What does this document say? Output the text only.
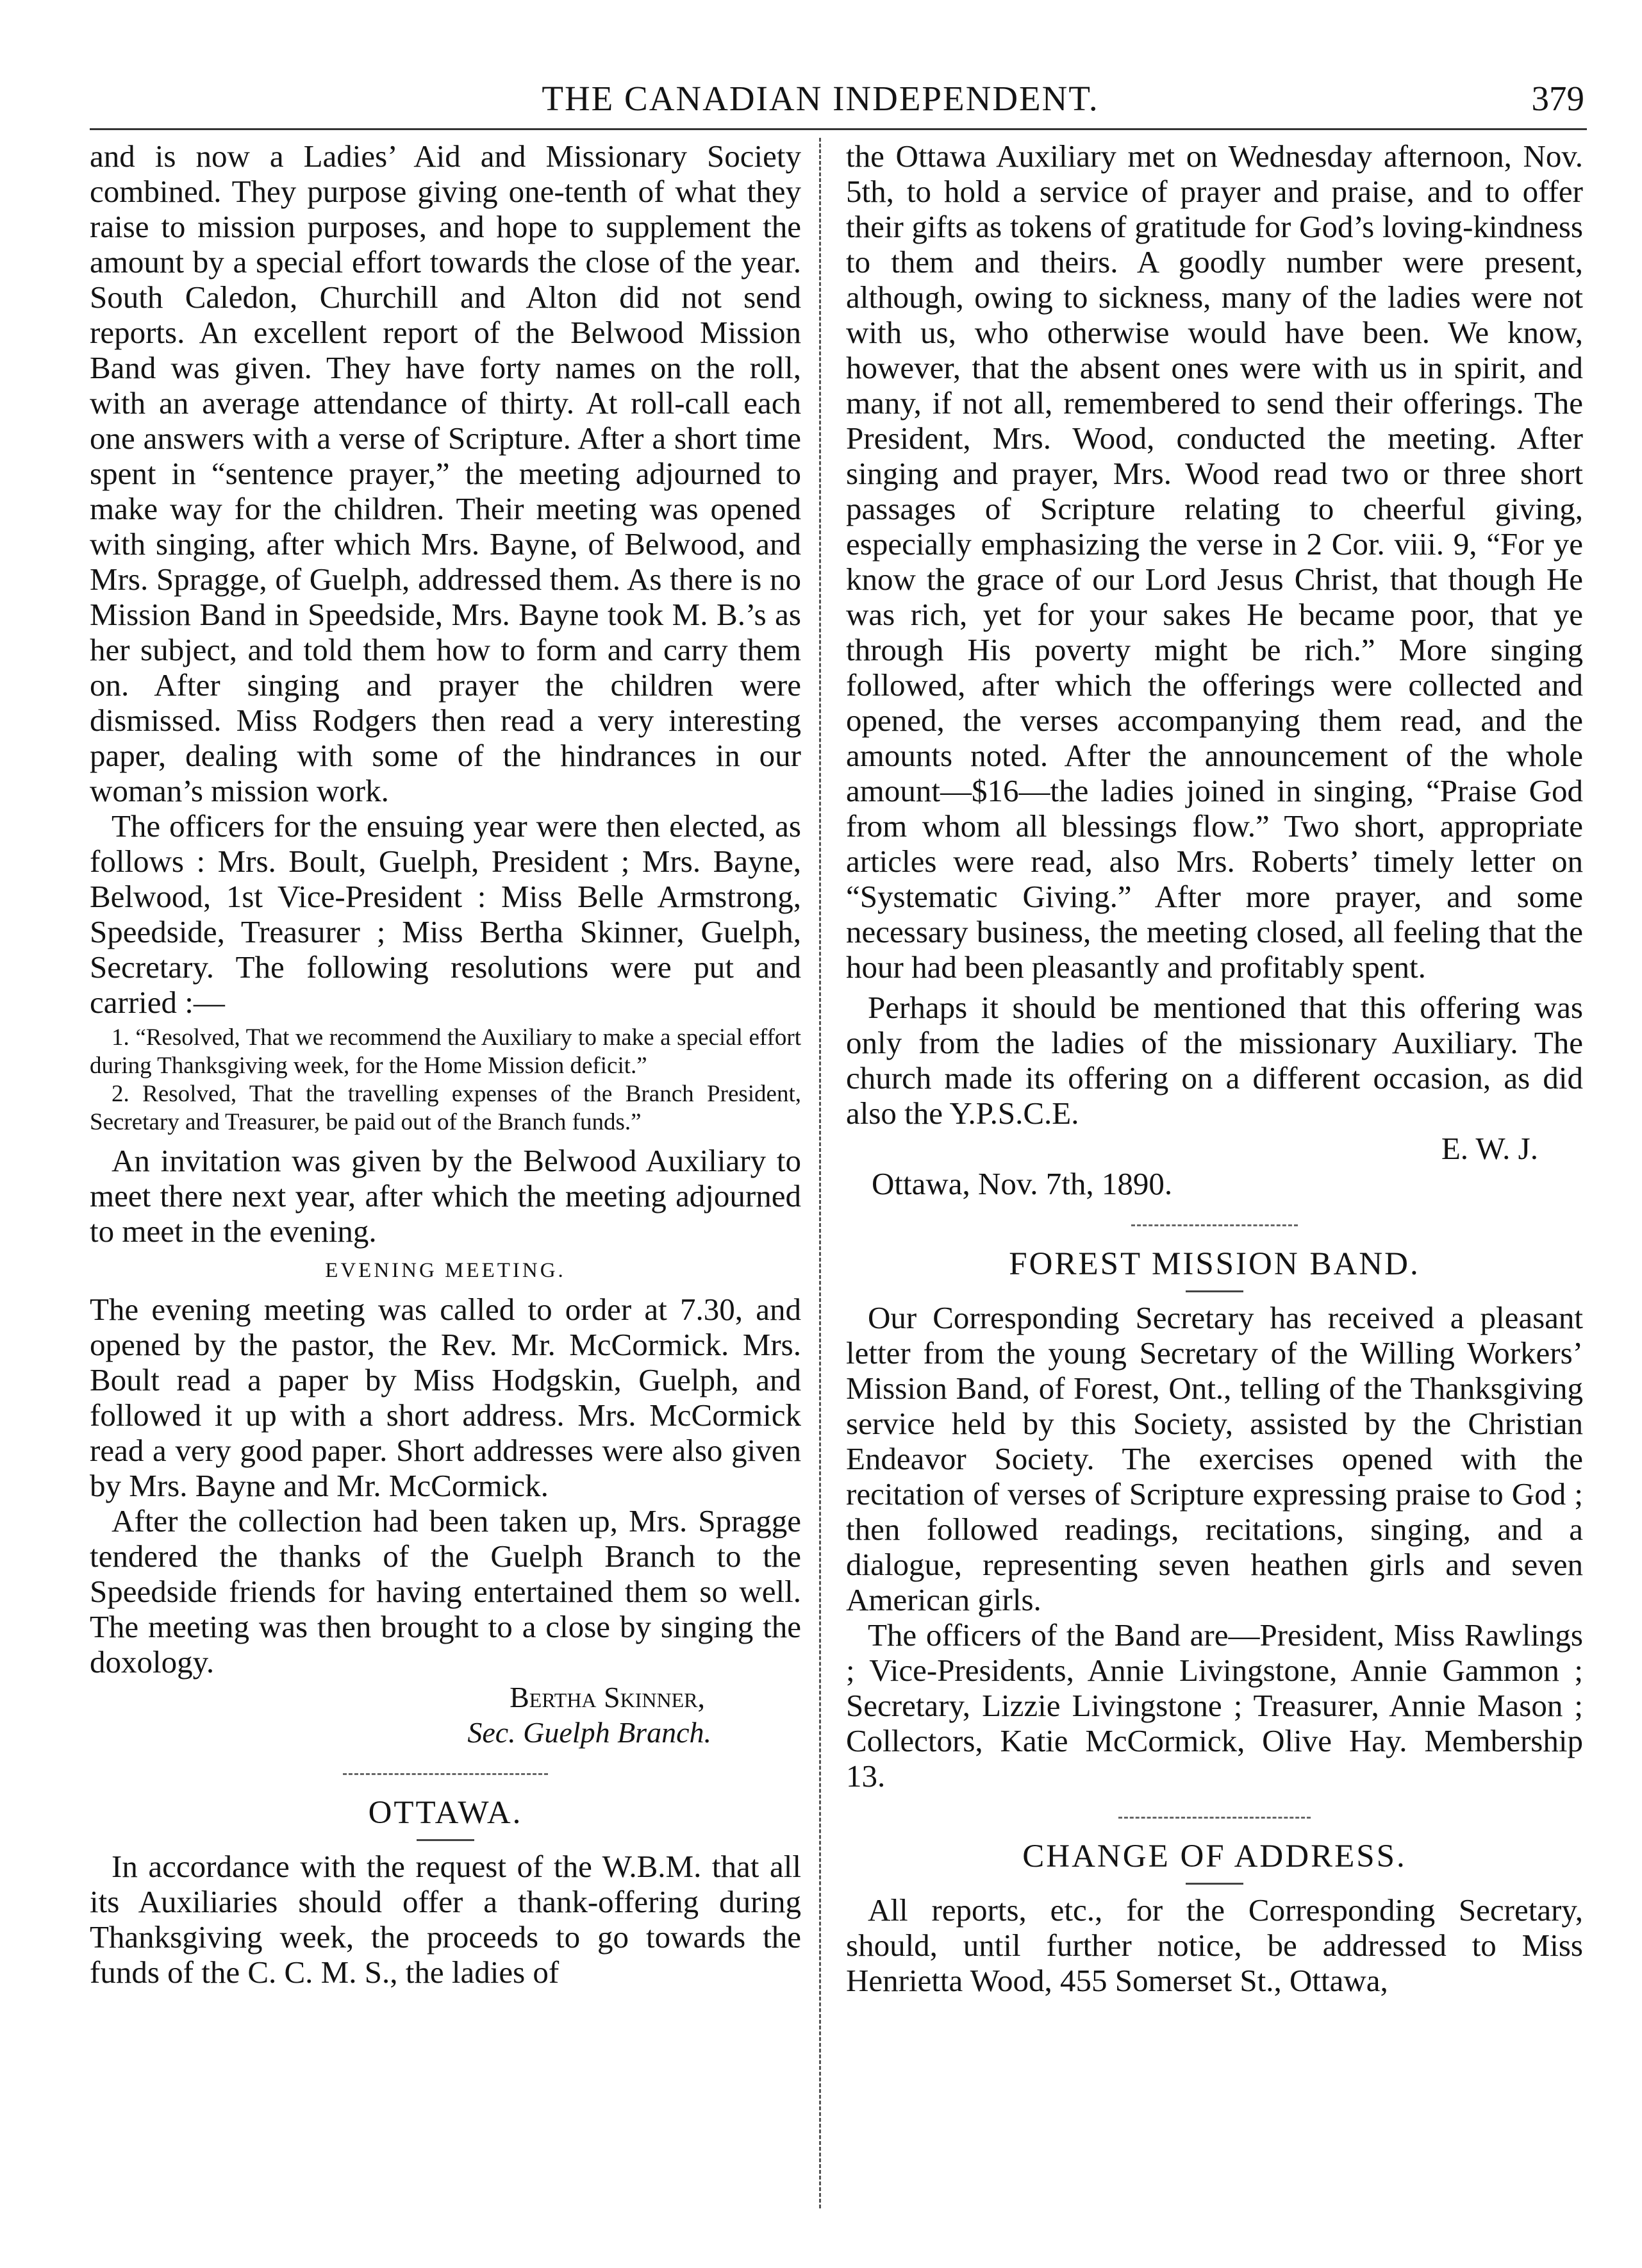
THE CANADIAN INDEPENDENT.	379

and is now a Ladies’ Aid and Missionary Society combined. They purpose giving one-tenth of what they raise to mission purposes, and hope to supplement the amount by a special effort towards the close of the year. South Caledon, Churchill and Alton did not send reports. An excellent report of the Belwood Mission Band was given. They have forty names on the roll, with an average attendance of thirty. At roll-call each one answers with a verse of Scripture. After a short time spent in “sentence prayer,” the meeting adjourned to make way for the children. Their meeting was opened with singing, after which Mrs. Bayne, of Belwood, and Mrs. Spragge, of Guelph, addressed them. As there is no Mission Band in Speedside, Mrs. Bayne took M. B.’s as her subject, and told them how to form and carry them on. After singing and prayer the children were dismissed. Miss Rodgers then read a very interesting paper, dealing with some of the hindrances in our woman’s mission work.

The officers for the ensuing year were then elected, as follows : Mrs. Boult, Guelph, President ; Mrs. Bayne, Belwood, 1st Vice-President : Miss Belle Armstrong, Speedside, Treasurer ; Miss Bertha Skinner, Guelph, Secretary. The following resolutions were put and carried :—

1. “Resolved, That we recommend the Auxiliary to make a special effort during Thanksgiving week, for the Home Mission deficit.”

2. Resolved, That the travelling expenses of the Branch President, Secretary and Treasurer, be paid out of the Branch funds.”

An invitation was given by the Belwood Auxiliary to meet there next year, after which the meeting adjourned to meet in the evening.

EVENING MEETING.

The evening meeting was called to order at 7.30, and opened by the pastor, the Rev. Mr. McCormick. Mrs. Boult read a paper by Miss Hodgskin, Guelph, and followed it up with a short address. Mrs. McCormick read a very good paper. Short addresses were also given by Mrs. Bayne and Mr. McCormick.

After the collection had been taken up, Mrs. Spragge tendered the thanks of the Guelph Branch to the Speedside friends for having entertained them so well. The meeting was then brought to a close by singing the doxology.

Bertha Skinner,
Sec. Guelph Branch.
OTTAWA.

In accordance with the request of the W.B.M. that all its Auxiliaries should offer a thank-offering during Thanksgiving week, the proceeds to go towards the funds of the C. C. M. S., the ladies of

the Ottawa Auxiliary met on Wednesday afternoon, Nov. 5th, to hold a service of prayer and praise, and to offer their gifts as tokens of gratitude for God’s loving-kindness to them and theirs. A goodly number were present, although, owing to sickness, many of the ladies were not with us, who otherwise would have been. We know, however, that the absent ones were with us in spirit, and many, if not all, remembered to send their offerings. The President, Mrs. Wood, conducted the meeting. After singing and prayer, Mrs. Wood read two or three short passages of Scripture relating to cheerful giving, especially emphasizing the verse in 2 Cor. viii. 9, “For ye know the grace of our Lord Jesus Christ, that though He was rich, yet for your sakes He became poor, that ye through His poverty might be rich.” More singing followed, after which the offerings were collected and opened, the verses accompanying them read, and the amounts noted. After the announcement of the whole amount—$16—the ladies joined in singing, “Praise God from whom all blessings flow.” Two short, appropriate articles were read, also Mrs. Roberts’ timely letter on “Systematic Giving.” After more prayer, and some necessary business, the meeting closed, all feeling that the hour had been pleasantly and profitably spent.

Perhaps it should be mentioned that this offering was only from the ladies of the missionary Auxiliary. The church made its offering on a different occasion, as did also the Y.P.S.C.E.

E. W. J.
Ottawa, Nov. 7th, 1890.
FOREST MISSION BAND.

Our Corresponding Secretary has received a pleasant letter from the young Secretary of the Willing Workers’ Mission Band, of Forest, Ont., telling of the Thanksgiving service held by this Society, assisted by the Christian Endeavor Society. The exercises opened with the recitation of verses of Scripture expressing praise to God ; then followed readings, recitations, singing, and a dialogue, representing seven heathen girls and seven American girls.

The officers of the Band are—President, Miss Rawlings ; Vice-Presidents, Annie Livingstone, Annie Gammon ; Secretary, Lizzie Livingstone ; Treasurer, Annie Mason ; Collectors, Katie McCormick, Olive Hay. Membership 13.

CHANGE OF ADDRESS.

All reports, etc., for the Corresponding Secretary, should, until further notice, be addressed to Miss Henrietta Wood, 455 Somerset St., Ottawa,
